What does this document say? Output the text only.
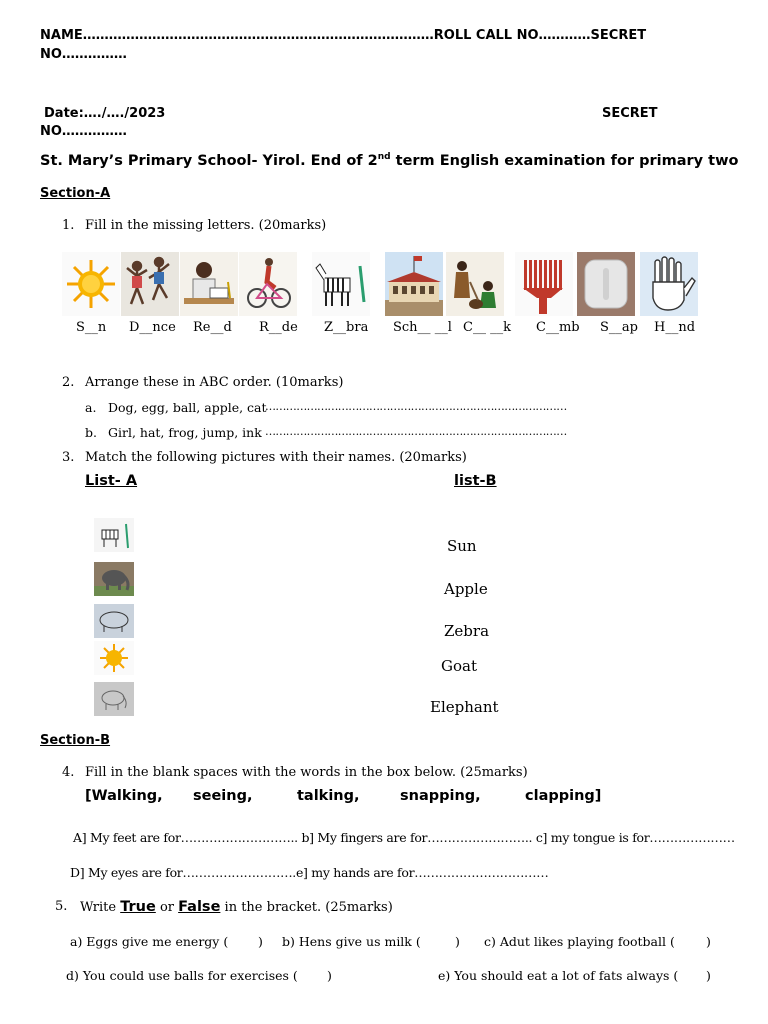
NAME………………………………………………………………………ROLL CALL NO…………SECRET
NO……………
Date:…./…./2023	SECRET
NO……………
St. Mary’s Primary School- Yirol. End of 2nd term English examination for primary two
Section-A
1. Fill in the missing letters. (20marks)
S__n D__nce Re__d R__de Z__bra Sch__ __l C__ __k C__mb S__ap H__nd
2. Arrange these in ABC order. (10marks)
a. Dog, egg, ball, apple, cat
……………………………………………………………………………
b. Girl, hat, frog, jump, ink ……………………………………………………………………………
3. Match the following pictures with their names. (20marks)
List- A	list-B
Sun
Apple
Zebra
Goat
Elephant
Section-B
4. Fill in the blank spaces with the words in the box below. (25marks)
[Walking, seeing,	talking,	snapping,	clapping]
A] My feet are for……………………….. b] My fingers are for…………………….. c] my tongue is for…………………
D] My eyes are for……………………….e] my hands are for……………………………
5. Write True or False in the bracket. (25marks)
a) Eggs give me energy ( ) b) Hens give us milk (	) c) Adut likes playing football ( )
d) You could use balls for exercises ( )	e) You should eat a lot of fats always ( )
